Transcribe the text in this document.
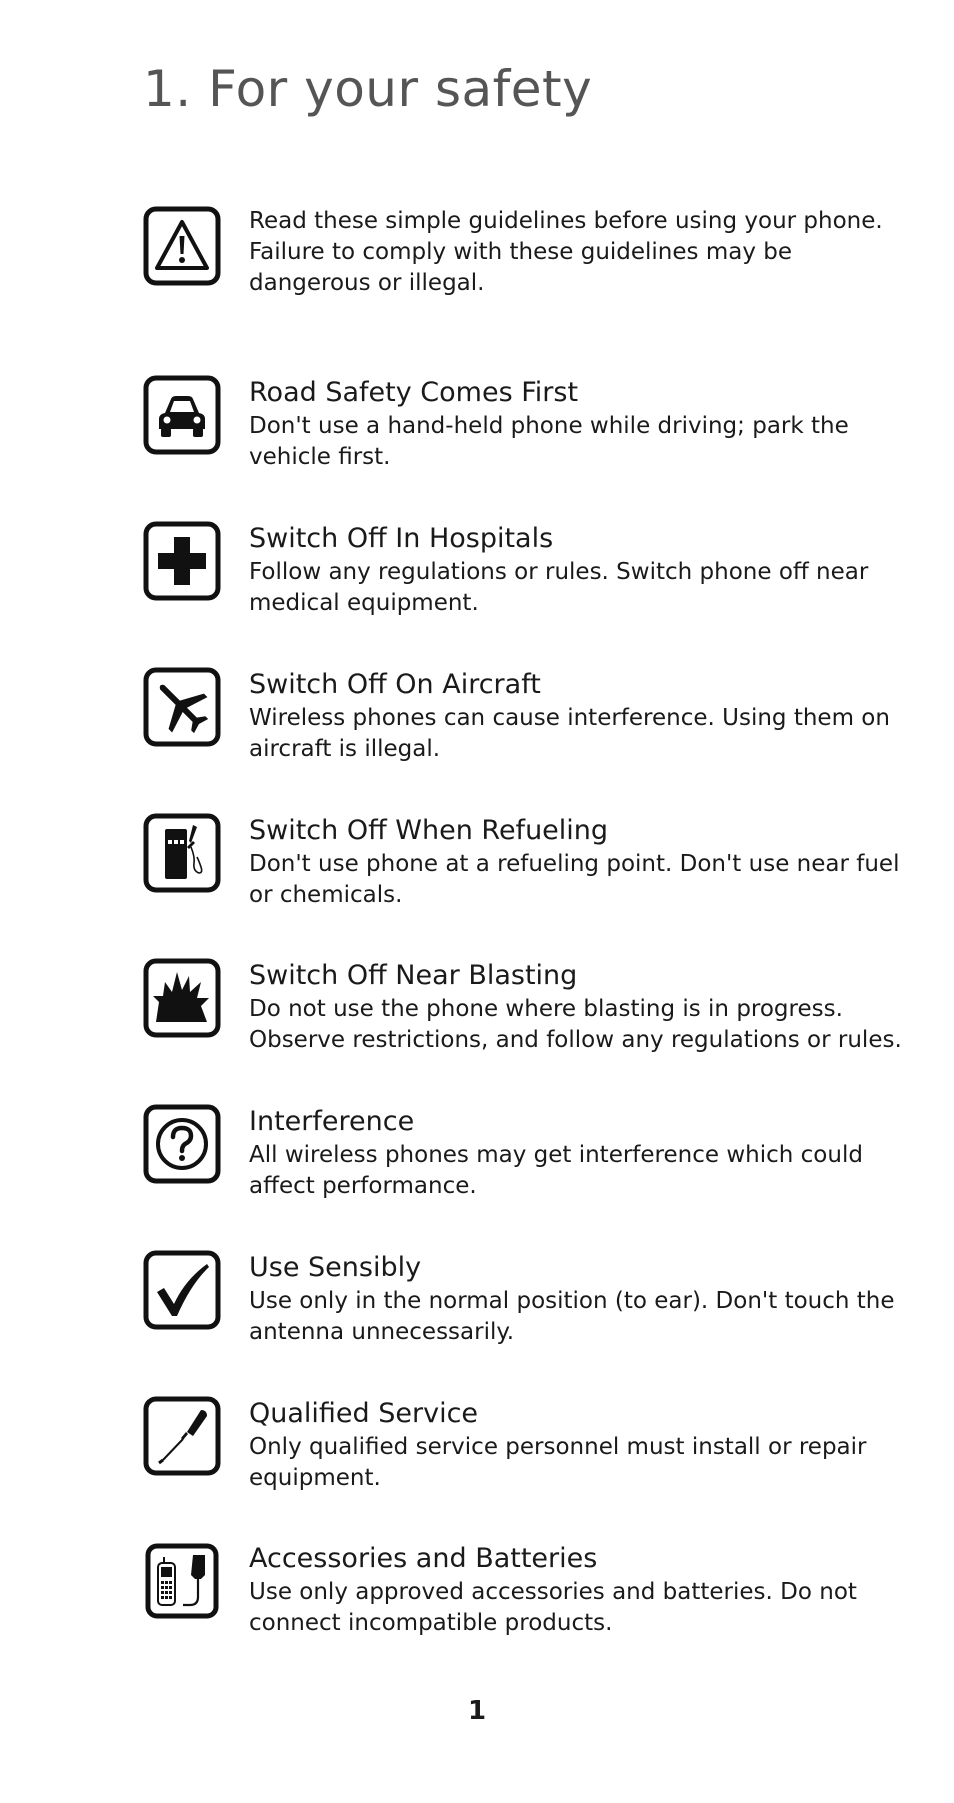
1. For your safety

Read these simple guidelines before using your phone. Failure to comply with these guidelines may be dangerous or illegal.

Road Safety Comes First

Don't use a hand-held phone while driving; park the vehicle first.

Switch Off In Hospitals

Follow any regulations or rules. Switch phone off near medical equipment.

Switch Off On Aircraft

Wireless phones can cause interference. Using them on aircraft is illegal.

Switch Off When Refueling

Don't use phone at a refueling point. Don't use near fuel or chemicals.

Switch Off Near Blasting

Do not use the phone where blasting is in progress. Observe restrictions, and follow any regulations or rules.

Interference

All wireless phones may get interference which could affect performance.

Use Sensibly

Use only in the normal position (to ear). Don't touch the antenna unnecessarily.

Qualified Service

Only qualified service personnel must install or repair equipment.

Accessories and Batteries

Use only approved accessories and batteries. Do not connect incompatible products.

1
